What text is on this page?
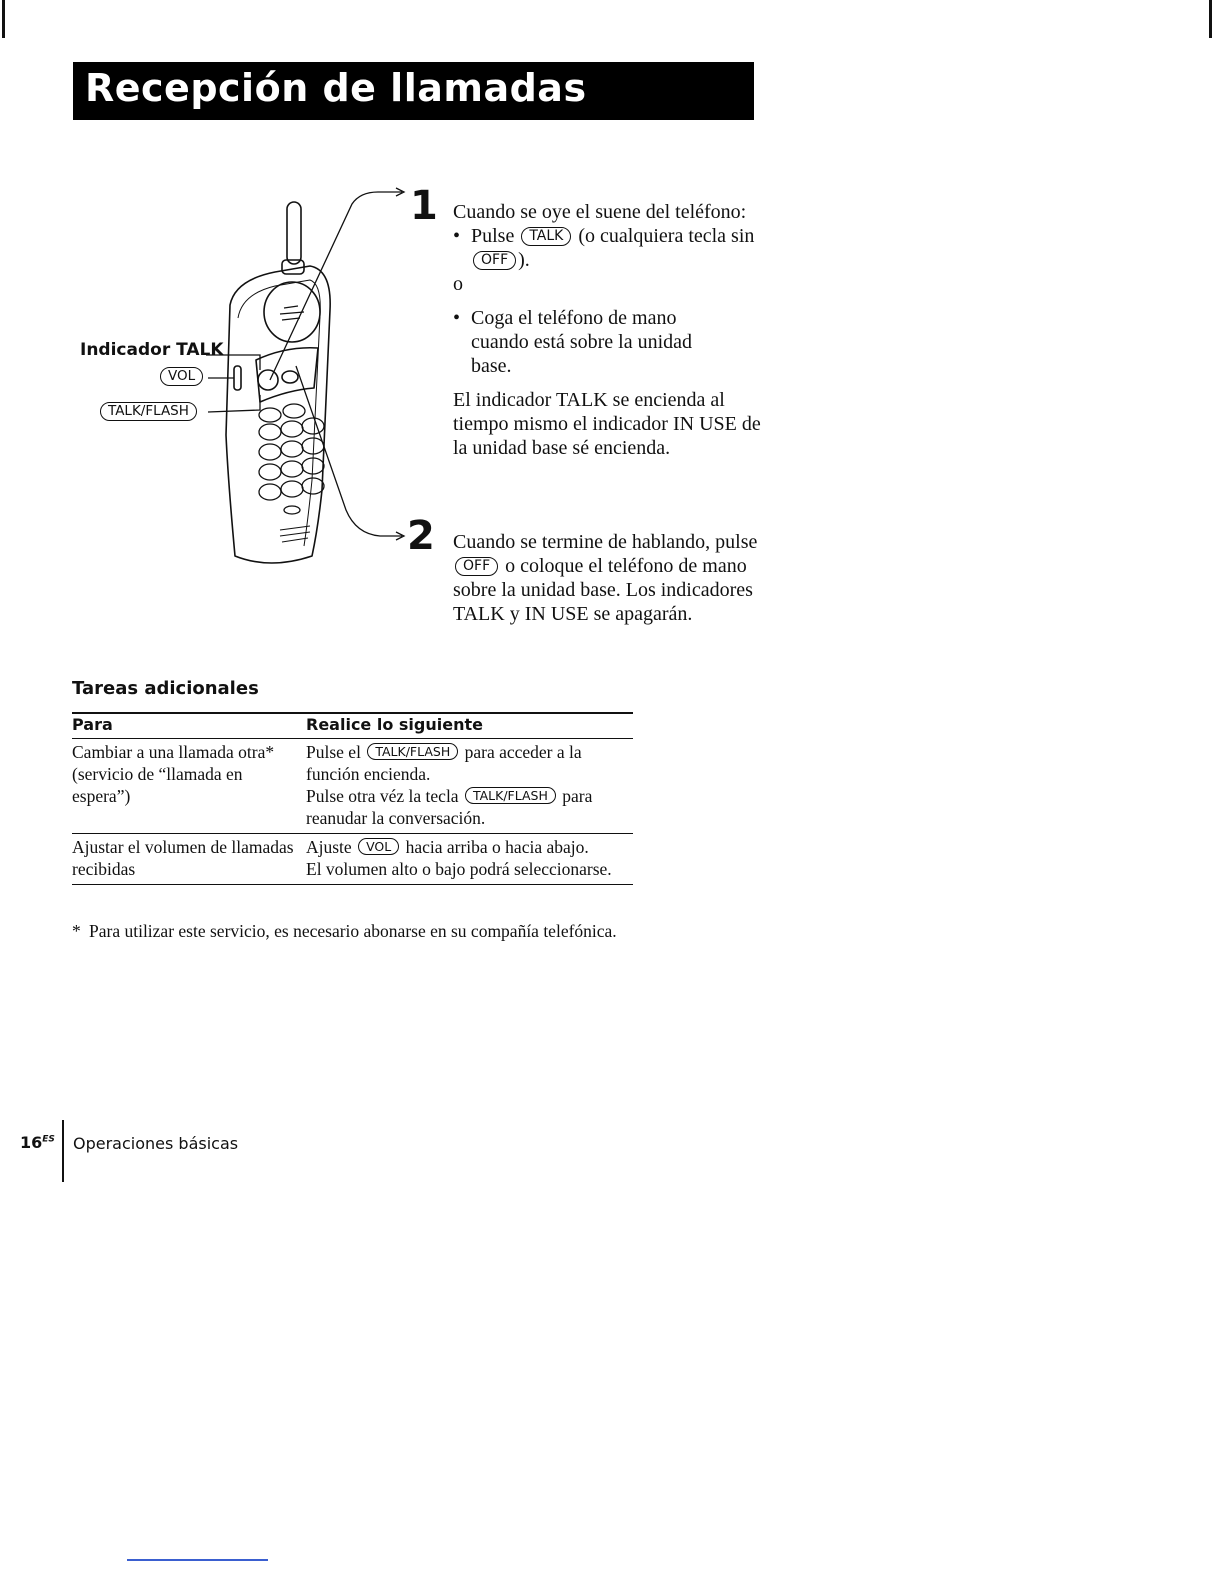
Recepción de llamadas
Indicador TALK
VOL
TALK/FLASH
1
2

Cuando se oye el suene del teléfono:

• Pulse TALK (o cualquiera tecla sinOFF ).

o

• Coga el teléfono de mano cuando está sobre la unidad base.

El indicador TALK se encienda al tiempo mismo el indicador IN USE de la unidad base sé encienda.

Cuando se termine de hablando, pulse OFF o coloque el teléfono de mano sobre la unidad base. Los indicadores TALK y IN USE se apagarán.
Tareas adicionales
Para	Realice lo siguiente
Cambiar a una llamada otra* (servicio de “llamada en espera”)	Pulse el TALK/FLASH para acceder a la función encienda.

Pulse otra véz la tecla TALK/FLASH para reanudar la conversación.

Ajustar el volumen de llamadas recibidas	Ajuste VOL hacia arriba o hacia abajo.

El volumen alto o bajo podrá seleccionarse.

* Para utilizar este servicio, es necesario abonarse en su compañía telefónica.
$16^{ES}$ Operaciones básicas
